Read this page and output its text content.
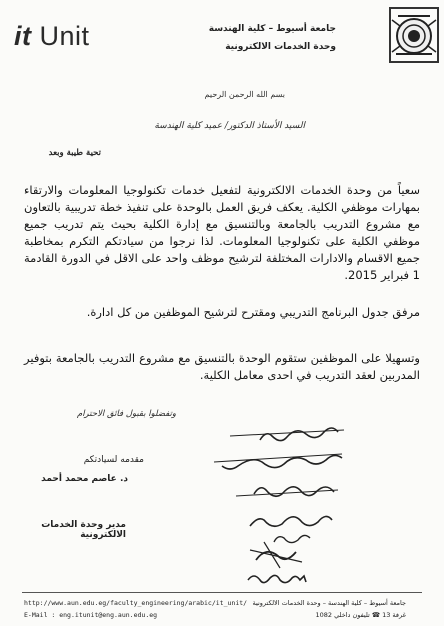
it Unit	جامعة أسيوط – كلية الهندسة
وحدة الخدمات الالكترونية
بسم الله الرحمن الرحيم
السيد الأستاذ الدكتور/ عميد كلية الهندسة
تحية طيبة وبعد
سعياً من وحدة الخدمات الالكترونية لتفعيل خدمات تكنولوجيا المعلومات والارتقاء بمهارات موظفي الكلية. يعكف فريق العمل بالوحدة على تنفيذ خطة تدريبية بالتعاون مع مشروع التدريب بالجامعة وبالتنسيق مع إدارة الكلية بحيث يتم تدريب جميع موظفي الكلية على تكنولوجيا المعلومات. لذا نرجوا من سيادتكم التكرم بمخاطبة جميع الاقسام والادارات المختلفة لترشيح موظف واحد على الاقل في الدورة القادمة 1 فبراير 2015.
مرفق جدول البرنامج التدريبي ومقترح لترشيح الموظفين من كل ادارة.
وتسهيلا على الموظفين ستقوم الوحدة بالتنسيق مع مشروع التدريب بالجامعة بتوفير المدربين لعقد التدريب في احدى معامل الكلية.
وتفضلوا بقبول فائق الاحترام
مقدمه لسيادتكم
د. عاصم محمد أحمد
مدير وحدة الخدمات الالكترونية
جامعة أسيوط – كلية الهندسة – وحدة الخدمات الالكترونية
غرفة 13 ☎ تليفون داخلي 1082
http://www.aun.edu.eg/faculty_engineering/arabic/it_unit/
E-Mail : eng.itunit@eng.aun.edu.eg
